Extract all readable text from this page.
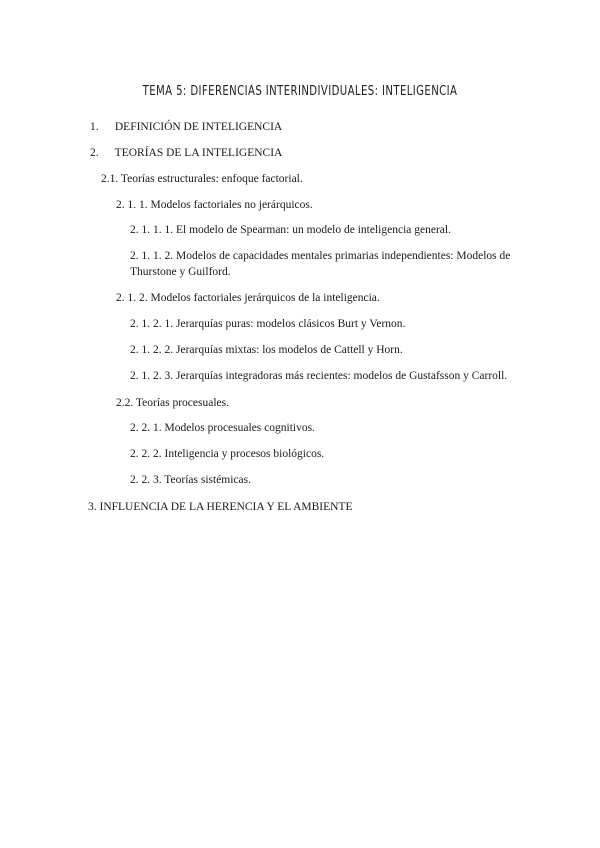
TEMA 5: DIFERENCIAS INTERINDIVIDUALES: INTELIGENCIA
1. DEFINICIÓN DE INTELIGENCIA
2. TEORÍAS DE LA INTELIGENCIA
2.1. Teorías estructurales: enfoque factorial.
2. 1. 1. Modelos factoriales no jerárquicos.
2. 1. 1. 1. El modelo de Spearman: un modelo de inteligencia general.
2. 1. 1. 2. Modelos de capacidades mentales primarias independientes: Modelos de Thurstone y Guilford.
2. 1. 2. Modelos factoriales jerárquicos de la inteligencia.
2. 1. 2. 1. Jerarquías puras: modelos clásicos Burt y Vernon.
2. 1. 2. 2. Jerarquías mixtas: los modelos de Cattell y Horn.
2. 1. 2. 3. Jerarquías integradoras más recientes: modelos de Gustafsson y Carroll.
2.2. Teorías procesuales.
2. 2. 1. Modelos procesuales cognitivos.
2. 2. 2. Inteligencia y procesos biológicos.
2. 2. 3. Teorías sistémicas.
3. INFLUENCIA DE LA HERENCIA Y EL AMBIENTE
